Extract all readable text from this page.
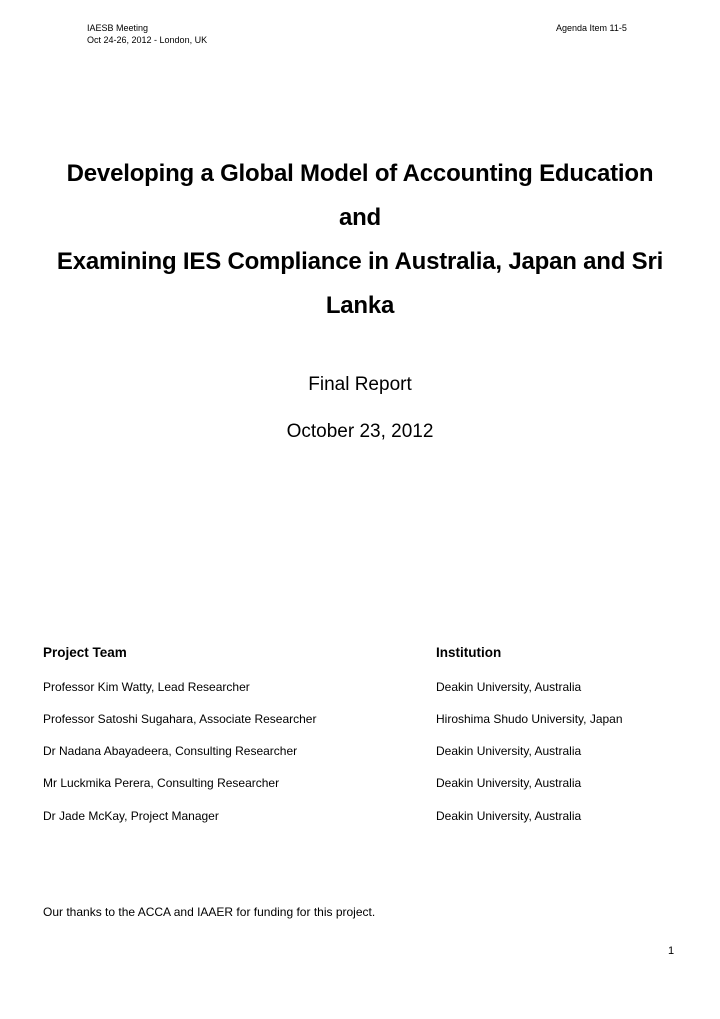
IAESB Meeting
Oct 24-26, 2012 - London, UK
Agenda Item 11-5
Developing a Global Model of Accounting Education
and
Examining IES Compliance in Australia, Japan and Sri
Lanka
Final Report
October 23, 2012
Project Team	Institution
Professor Kim Watty, Lead Researcher	Deakin University, Australia
Professor Satoshi Sugahara, Associate Researcher	Hiroshima Shudo University, Japan
Dr Nadana Abayadeera, Consulting Researcher	Deakin University, Australia
Mr Luckmika Perera, Consulting Researcher	Deakin University, Australia
Dr Jade McKay, Project Manager	Deakin University, Australia
Our thanks to the ACCA and IAAER for funding for this project.
1
